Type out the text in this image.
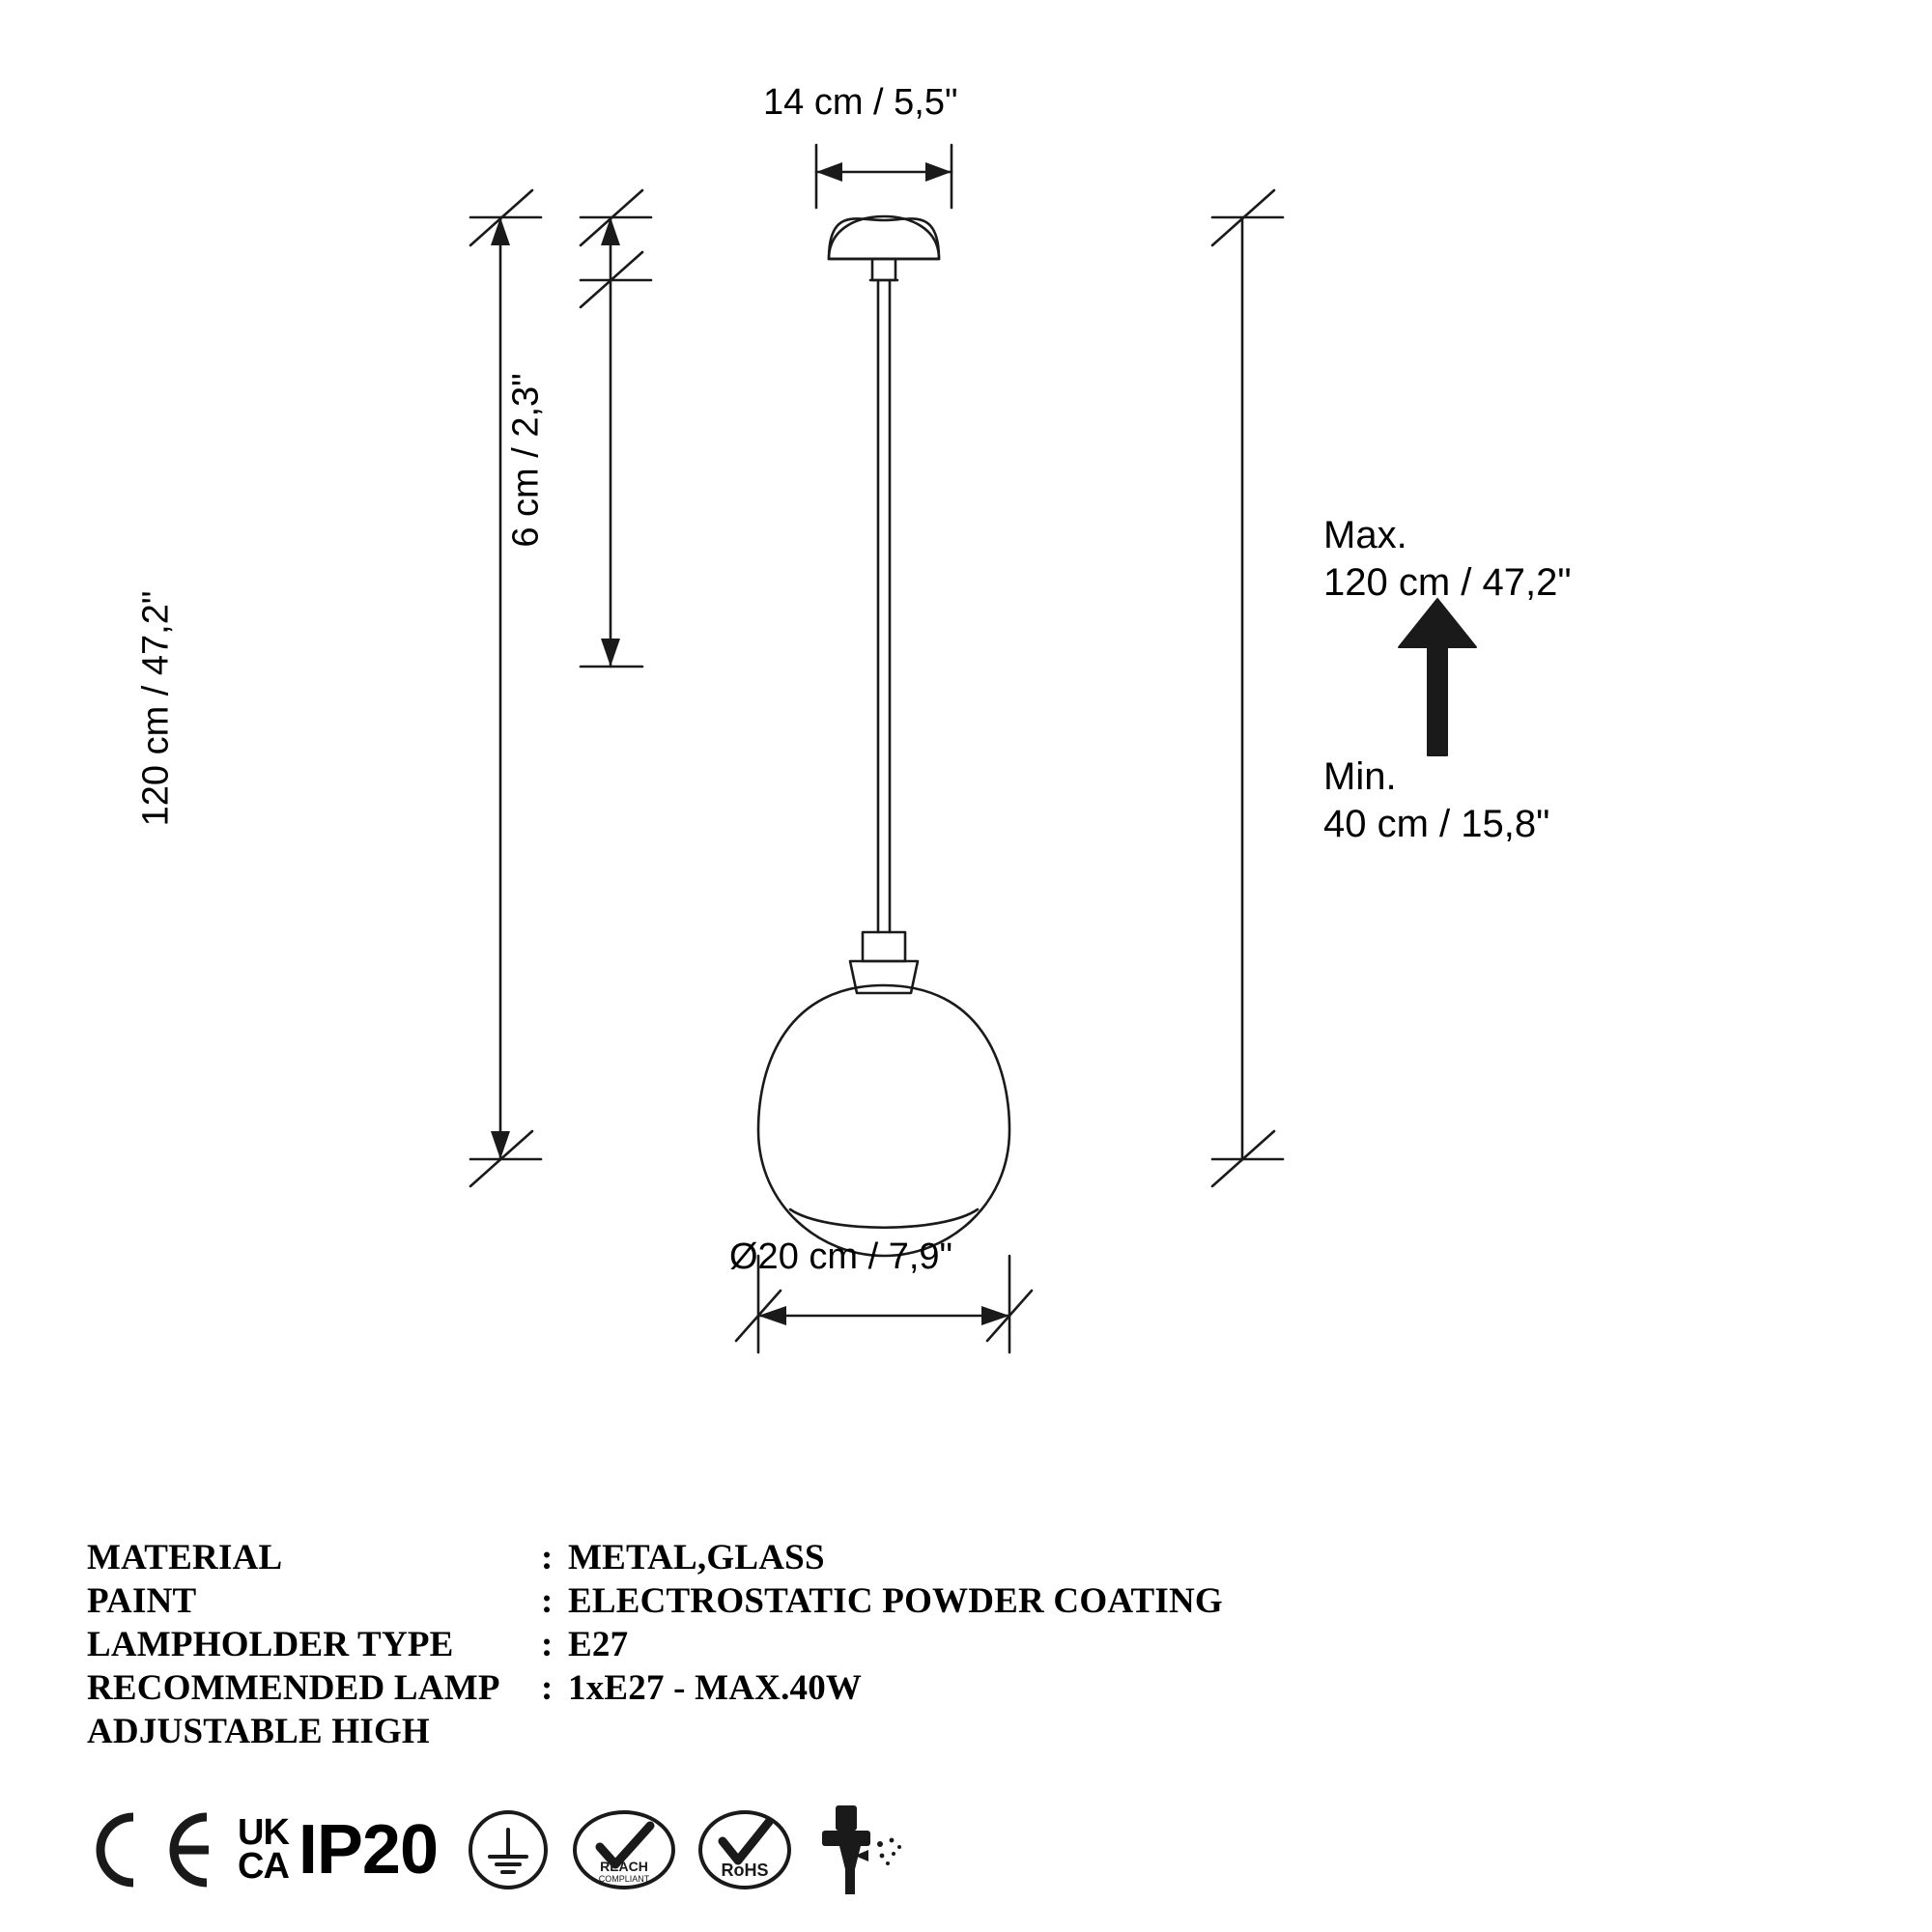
14 cm / 5,5"
Ø20 cm / 7,9"
120 cm / 47,2"
6 cm / 2,3"	Max.
120 cm / 47,2"
Min.
40 cm / 15,8"
MATERIAL	:	METAL,GLASS
PAINT	:	ELECTROSTATIC POWDER COATING
LAMPHOLDER TYPE	:	E27
RECOMMENDED LAMP	:	1xE27 - MAX.40W
ADJUSTABLE HIGH		
UK
CA IP20	REACH
COMPLIANT	RoHS
